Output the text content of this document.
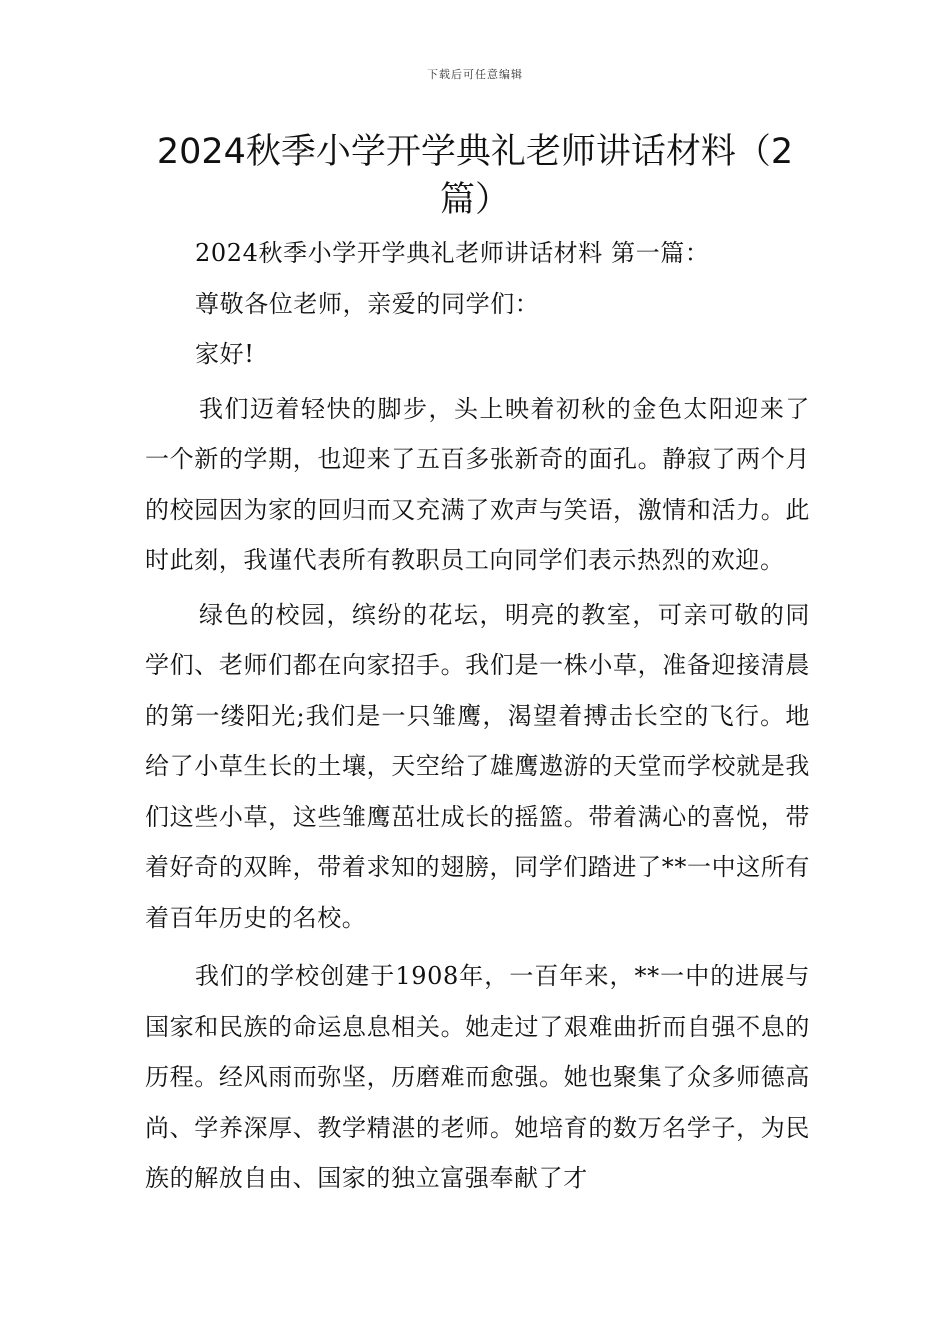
下载后可任意编辑
2024秋季小学开学典礼老师讲话材料（2篇）

2024秋季小学开学典礼老师讲话材料 第一篇：

尊敬各位老师，亲爱的同学们：

家好!

我们迈着轻快的脚步，头上映着初秋的金色太阳迎来了一个新的学期，也迎来了五百多张新奇的面孔。静寂了两个月的校园因为家的回归而又充满了欢声与笑语，激情和活力。此时此刻，我谨代表所有教职员工向同学们表示热烈的欢迎。

绿色的校园，缤纷的花坛，明亮的教室，可亲可敬的同学们、老师们都在向家招手。我们是一株小草，准备迎接清晨的第一缕阳光;我们是一只雏鹰，渴望着搏击长空的飞行。地给了小草生长的土壤，天空给了雄鹰遨游的天堂而学校就是我们这些小草，这些雏鹰茁壮成长的摇篮。带着满心的喜悦，带着好奇的双眸，带着求知的翅膀，同学们踏进了**一中这所有着百年历史的名校。

我们的学校创建于1908年，一百年来，**一中的进展与国家和民族的命运息息相关。她走过了艰难曲折而自强不息的历程。经风雨而弥坚，历磨难而愈强。她也聚集了众多师德高尚、学养深厚、教学精湛的老师。她培育的数万名学子，为民族的解放自由、国家的独立富强奉献了才
